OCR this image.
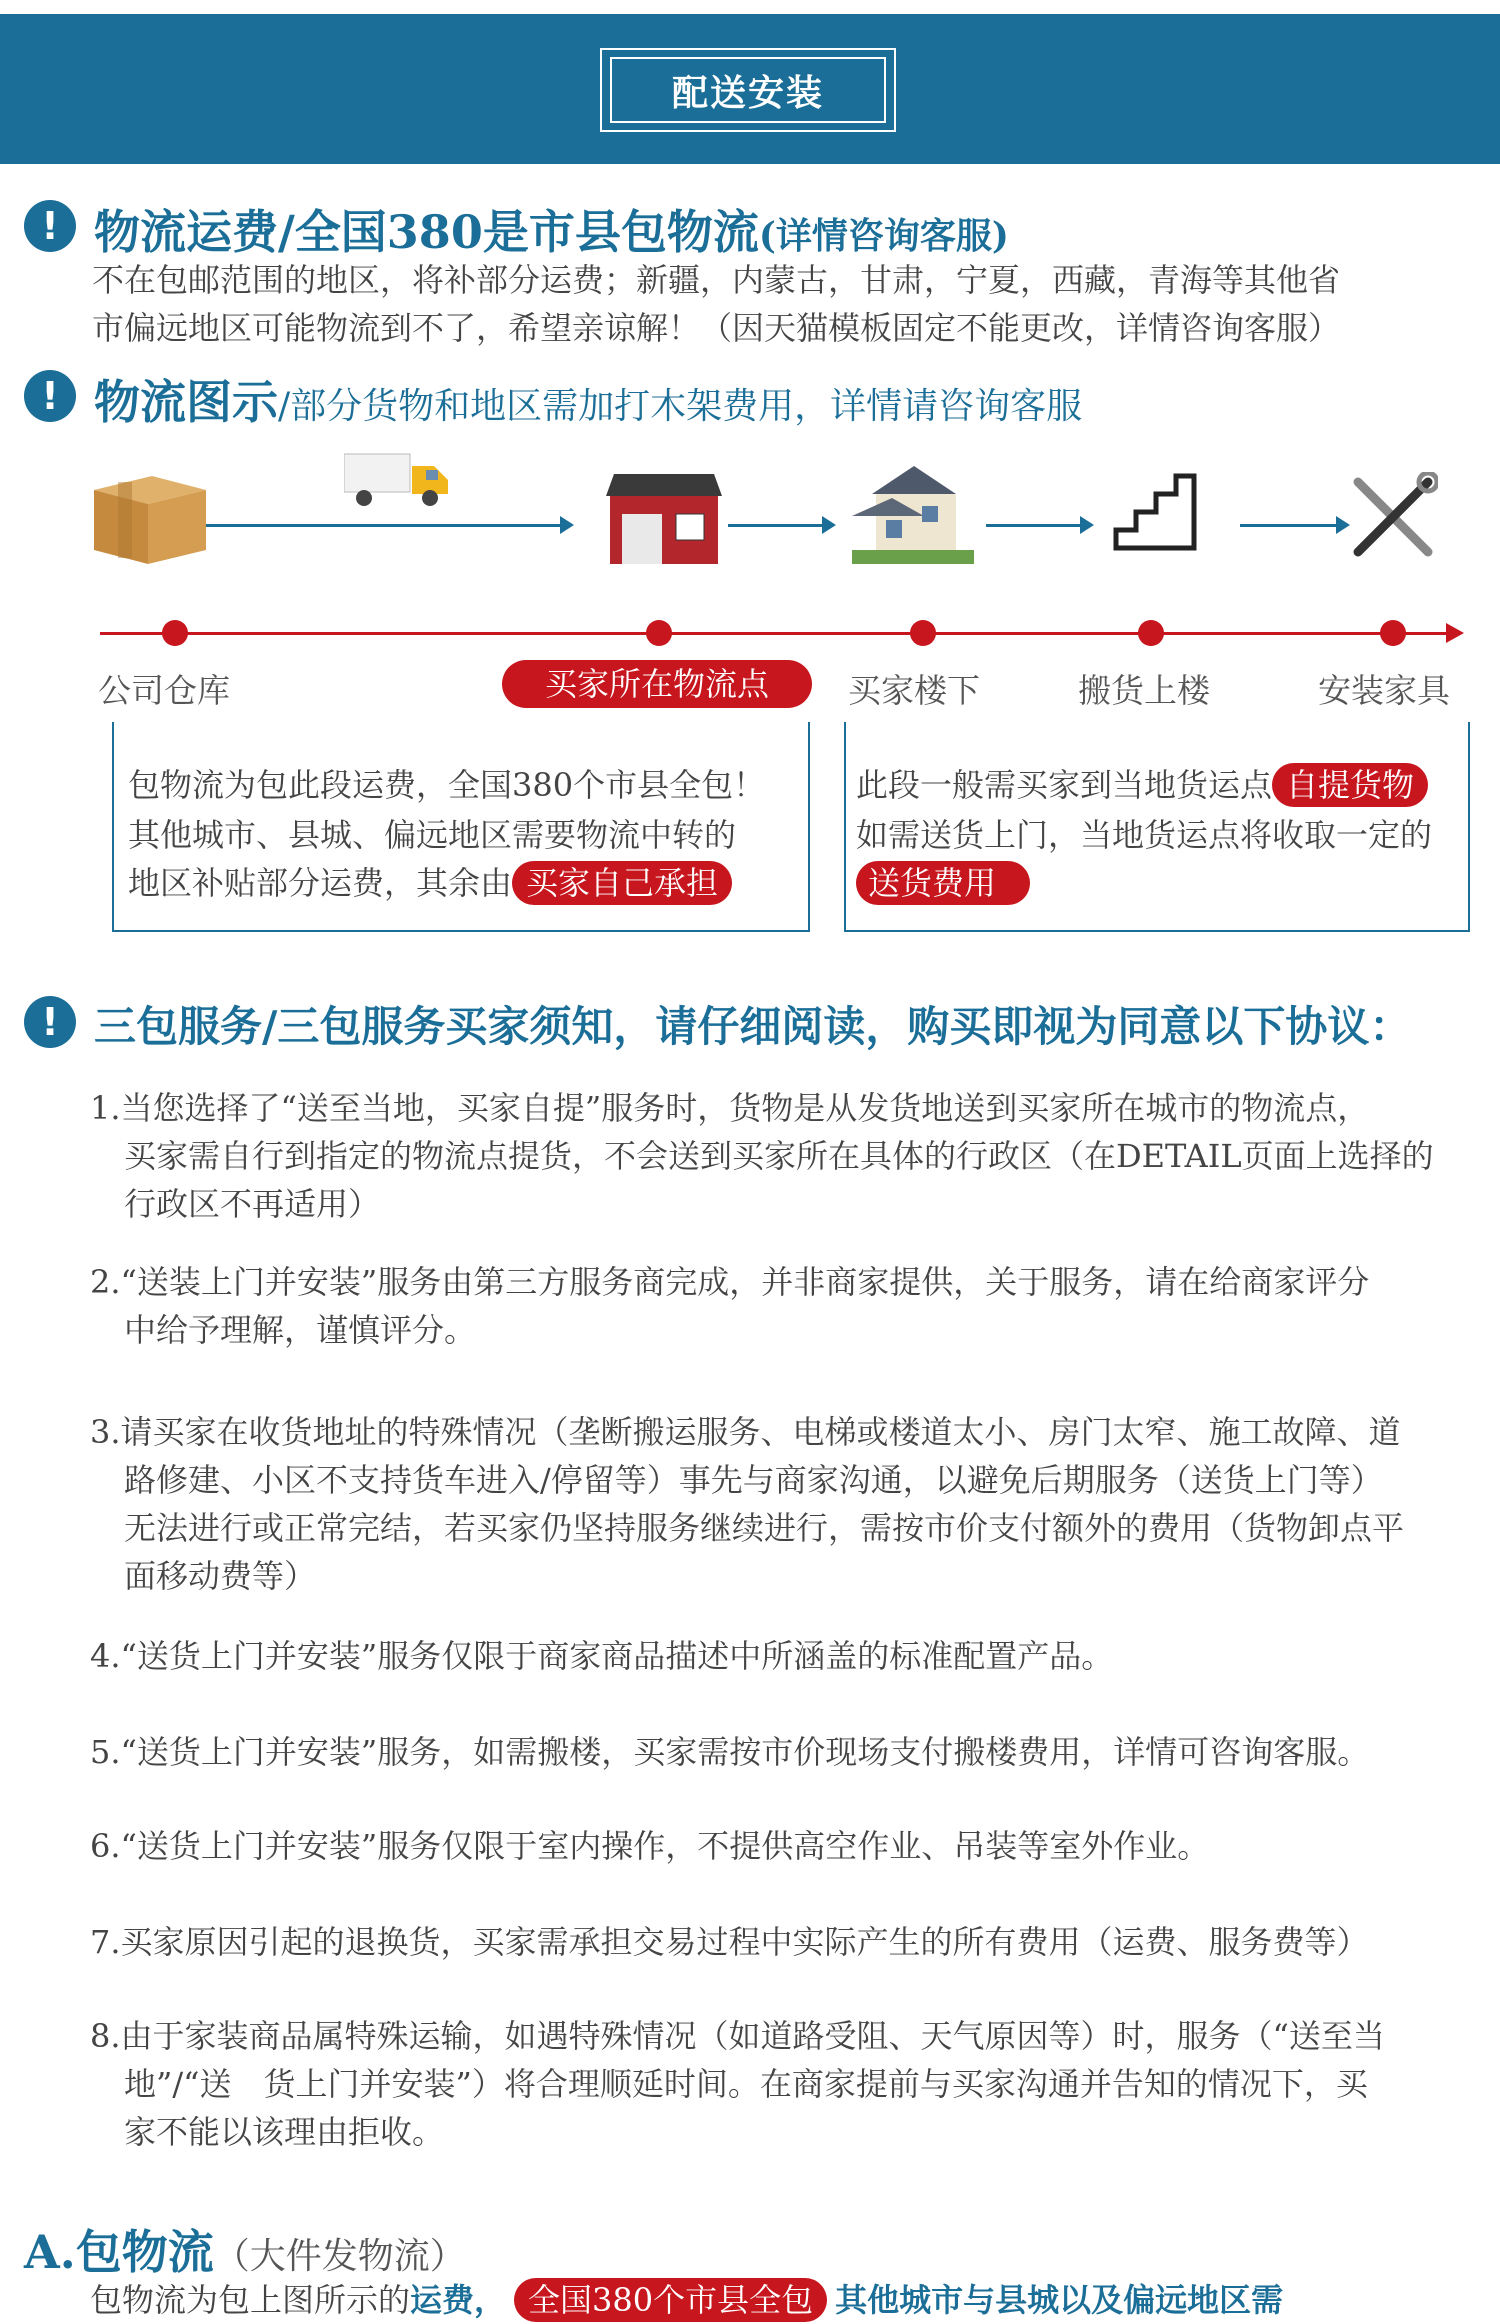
配送安装
! 物流运费/全国380是市县包物流(详情咨询客服)
不在包邮范围的地区，将补部分运费；新疆，内蒙古，甘肃，宁夏，西藏，青海等其他省
市偏远地区可能物流到不了，希望亲谅解！（因天猫模板固定不能更改，详情咨询客服）
! 物流图示/部分货物和地区需加打木架费用，详情请咨询客服
公司仓库	买家所在物流点	买家楼下	搬货上楼	安装家具
包物流为包此段运费，全国380个市县全包！
其他城市、县城、偏远地区需要物流中转的
地区补贴部分运费，其余由 买家自己承担
此段一般需买家到当地货运点 自提货物
如需送货上门，当地货运点将收取一定的
送货费用
! 三包服务/三包服务买家须知，请仔细阅读，购买即视为同意以下协议：
1.当您选择了“送至当地，买家自提”服务时，货物是从发货地送到买家所在城市的物流点，
买家需自行到指定的物流点提货，不会送到买家所在具体的行政区（在DETAIL页面上选择的
行政区不再适用）
2.“送装上门并安装”服务由第三方服务商完成，并非商家提供，关于服务，请在给商家评分
中给予理解，谨慎评分。
3.请买家在收货地址的特殊情况（垄断搬运服务、电梯或楼道太小、房门太窄、施工故障、道
路修建、小区不支持货车进入/停留等）事先与商家沟通，以避免后期服务（送货上门等）
无法进行或正常完结，若买家仍坚持服务继续进行，需按市价支付额外的费用（货物卸点平
面移动费等）
4.“送货上门并安装”服务仅限于商家商品描述中所涵盖的标准配置产品。
5.“送货上门并安装”服务，如需搬楼，买家需按市价现场支付搬楼费用，详情可咨询客服。
6.“送货上门并安装”服务仅限于室内操作，不提供高空作业、吊装等室外作业。
7.买家原因引起的退换货，买家需承担交易过程中实际产生的所有费用（运费、服务费等）
8.由于家装商品属特殊运输，如遇特殊情况（如道路受阻、天气原因等）时，服务（“送至当
地”/“送　货上门并安装”）将合理顺延时间。在商家提前与买家沟通并告知的情况下，买
家不能以该理由拒收。
A.包物流（大件发物流）
包物流为包上图所示的运费， 全国380个市县全包 其他城市与县城以及偏远地区需
